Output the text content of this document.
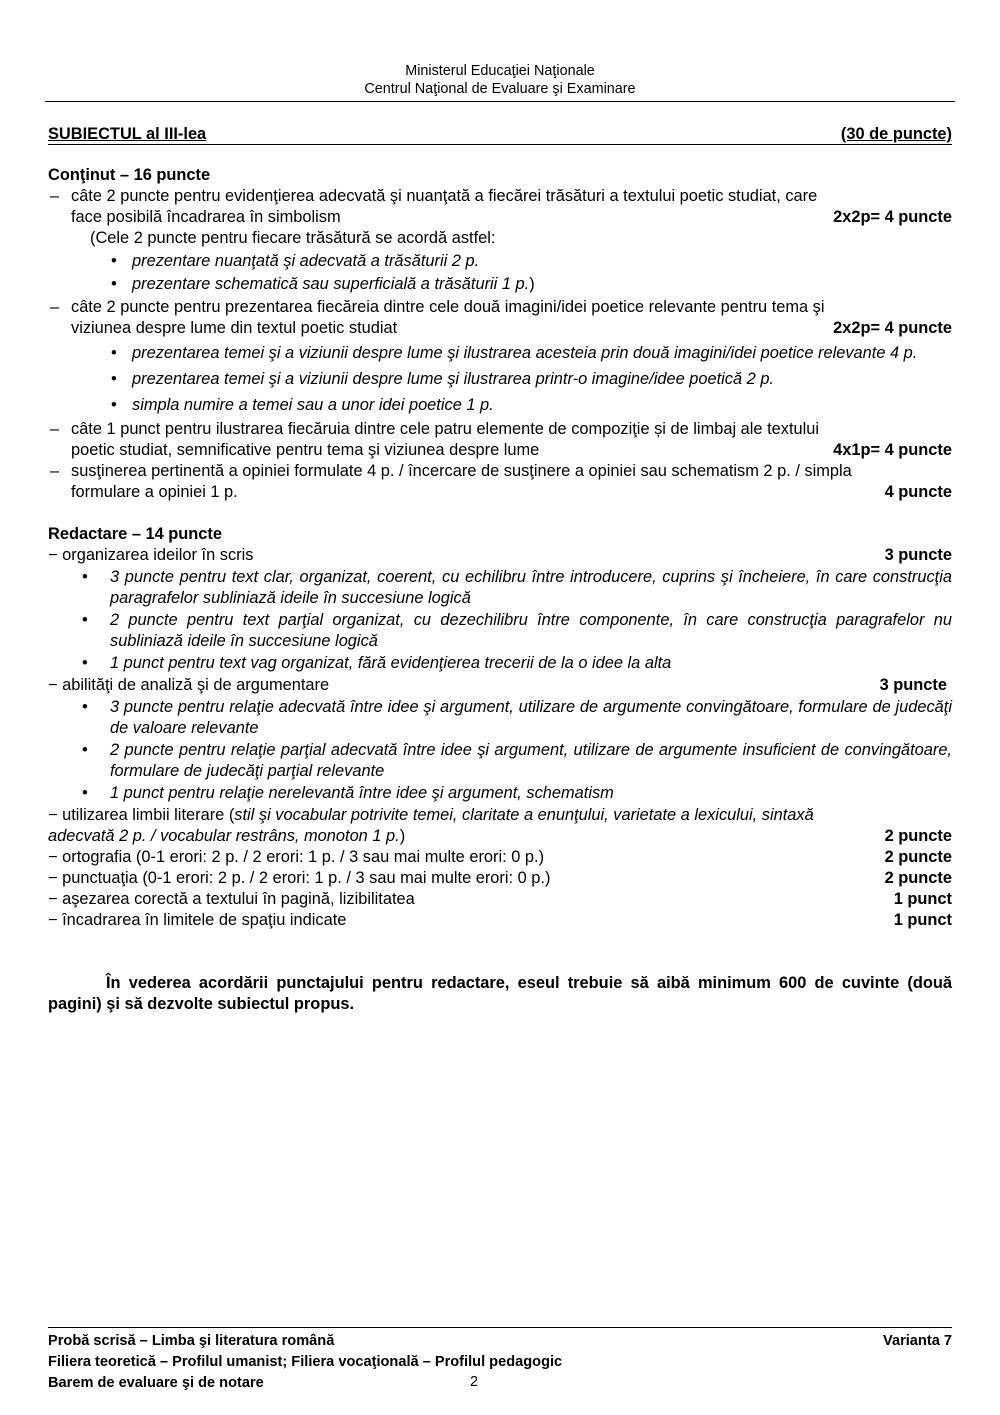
Ministerul Educaţiei Naţionale
Centrul Naţional de Evaluare şi Examinare
SUBIECTUL al III-lea	(30 de puncte)

Conţinut – 16 puncte

– câte 2 puncte pentru evidenţierea adecvată şi nuanţată a fiecărei trăsături a textului poetic studiat, care
face posibilă încadrarea în simbolism	2x2p= 4 puncte

(Cele 2 puncte pentru fiecare trăsătură se acordă astfel:

• prezentare nuanţată şi adecvată a trăsăturii 2 p.
• prezentare schematică sau superficială a trăsăturii 1 p.)
– câte 2 puncte pentru prezentarea fiecăreia dintre cele două imagini/idei poetice relevante pentru tema şi
viziunea despre lume din textul poetic studiat	2x2p= 4 puncte
• prezentarea temei şi a viziunii despre lume şi ilustrarea acesteia prin două imagini/idei poetice relevante 4 p.
• prezentarea temei şi a viziunii despre lume şi ilustrarea printr-o imagine/idee poetică 2 p.
• simpla numire a temei sau a unor idei poetice 1 p.
– câte 1 punct pentru ilustrarea fiecăruia dintre cele patru elemente de compoziţie și de limbaj ale textului
poetic studiat, semnificative pentru tema şi viziunea despre lume	4x1p= 4 puncte
– susţinerea pertinentă a opiniei formulate 4 p. / încercare de susţinere a opiniei sau schematism 2 p. / simpla
formulare a opiniei 1 p.	4 puncte

Redactare – 14 puncte

− organizarea ideilor în scris	3 puncte
• 3 puncte pentru text clar, organizat, coerent, cu echilibru între introducere, cuprins şi încheiere, în care construcţia paragrafelor subliniază ideile în succesiune logică
• 2 puncte pentru text parţial organizat, cu dezechilibru între componente, în care construcţia paragrafelor nu subliniază ideile în succesiune logică
• 1 punct pentru text vag organizat, fără evidenţierea trecerii de la o idee la alta
− abilităţi de analiză şi de argumentare	3 puncte
• 3 puncte pentru relaţie adecvată între idee şi argument, utilizare de argumente convingătoare, formulare de judecăţi de valoare relevante
• 2 puncte pentru relaţie parţial adecvată între idee şi argument, utilizare de argumente insuficient de convingătoare, formulare de judecăţi parţial relevante
• 1 punct pentru relaţie nerelevantă între idee şi argument, schematism
− utilizarea limbii literare (stil şi vocabular potrivite temei, claritate a enunţului, varietate a lexicului, sintaxă
adecvată 2 p. / vocabular restrâns, monoton 1 p.)	2 puncte
− ortografia (0-1 erori: 2 p. / 2 erori: 1 p. / 3 sau mai multe erori: 0 p.)	2 puncte
− punctuaţia (0-1 erori: 2 p. / 2 erori: 1 p. / 3 sau mai multe erori: 0 p.)	2 puncte
− aşezarea corectă a textului în pagină, lizibilitatea	1 punct
− încadrarea în limitele de spaţiu indicate	1 punct

În vederea acordării punctajului pentru redactare, eseul trebuie să aibă minimum 600 de cuvinte (două pagini) şi să dezvolte subiectul propus.

Probă scrisă – Limba şi literatura română	Varianta 7
Filiera teoretică – Profilul umanist; Filiera vocaţională – Profilul pedagogic
Barem de evaluare şi de notare	2
